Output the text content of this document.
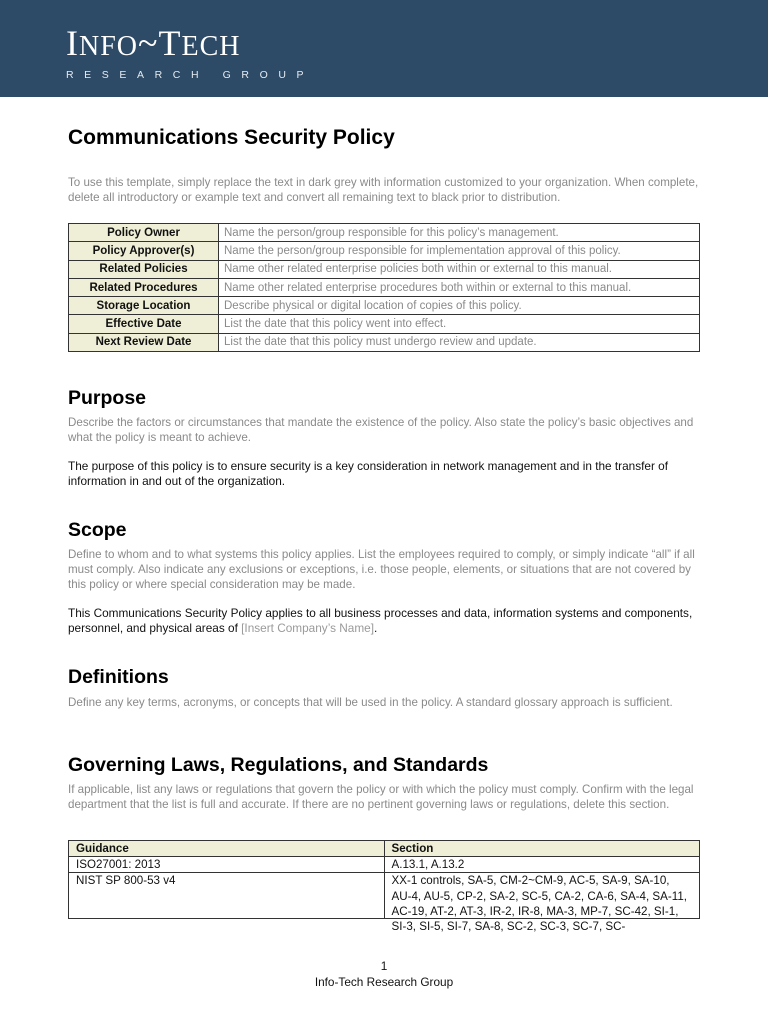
INFO~TECH
RESEARCH GROUP
Communications Security Policy
To use this template, simply replace the text in dark grey with information customized to your organization. When complete, delete all introductory or example text and convert all remaining text to black prior to distribution.
Policy Owner	Name the person/group responsible for this policy’s management.
Policy Approver(s)	Name the person/group responsible for implementation approval of this policy.
Related Policies	Name other related enterprise policies both within or external to this manual.
Related Procedures	Name other related enterprise procedures both within or external to this manual.
Storage Location	Describe physical or digital location of copies of this policy.
Effective Date	List the date that this policy went into effect.
Next Review Date	List the date that this policy must undergo review and update.
Purpose
Describe the factors or circumstances that mandate the existence of the policy. Also state the policy’s basic objectives and what the policy is meant to achieve.
The purpose of this policy is to ensure security is a key consideration in network management and in the transfer of information in and out of the organization.
Scope
Define to whom and to what systems this policy applies. List the employees required to comply, or simply indicate “all” if all must comply. Also indicate any exclusions or exceptions, i.e. those people, elements, or situations that are not covered by this policy or where special consideration may be made.
This Communications Security Policy applies to all business processes and data, information systems and components, personnel, and physical areas of [Insert Company’s Name].
Definitions
Define any key terms, acronyms, or concepts that will be used in the policy. A standard glossary approach is sufficient.
Governing Laws, Regulations, and Standards
If applicable, list any laws or regulations that govern the policy or with which the policy must comply. Confirm with the legal department that the list is full and accurate. If there are no pertinent governing laws or regulations, delete this section.
Guidance	Section
ISO27001: 2013	A.13.1, A.13.2
NIST SP 800-53 v4	XX-1 controls, SA-5, CM-2~CM-9, AC-5, SA-9, SA-10, AU-4, AU-5, CP-2, SA-2, SC-5, CA-2, CA-6, SA-4, SA-11, AC-19, AT-2, AT-3, IR-2, IR-8, MA-3, MP-7, SC-42, SI-1, SI-3, SI-5, SI-7, SA-8, SC-2, SC-3, SC-7, SC-
1
Info-Tech Research Group
